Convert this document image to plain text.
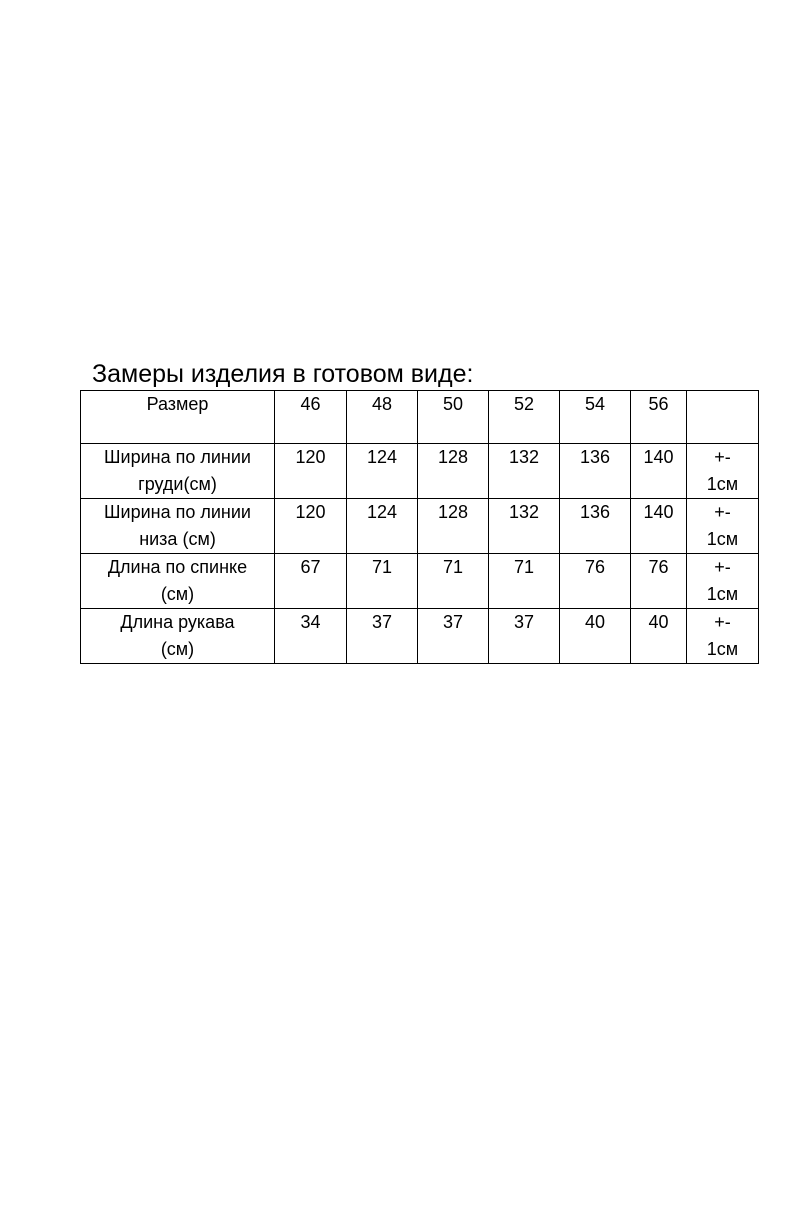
Замеры изделия в готовом виде:
Размер	46	48	50	52	54	56	

Ширина по линии
груди(см)	120	124	128	132	136	140	+-
1см

Ширина по линии
низа (см)	120	124	128	132	136	140	+-
1см

Длина по спинке
(см)	67	71	71	71	76	76	+-
1см

Длина рукава
(см)	34	37	37	37	40	40	+-
1см
